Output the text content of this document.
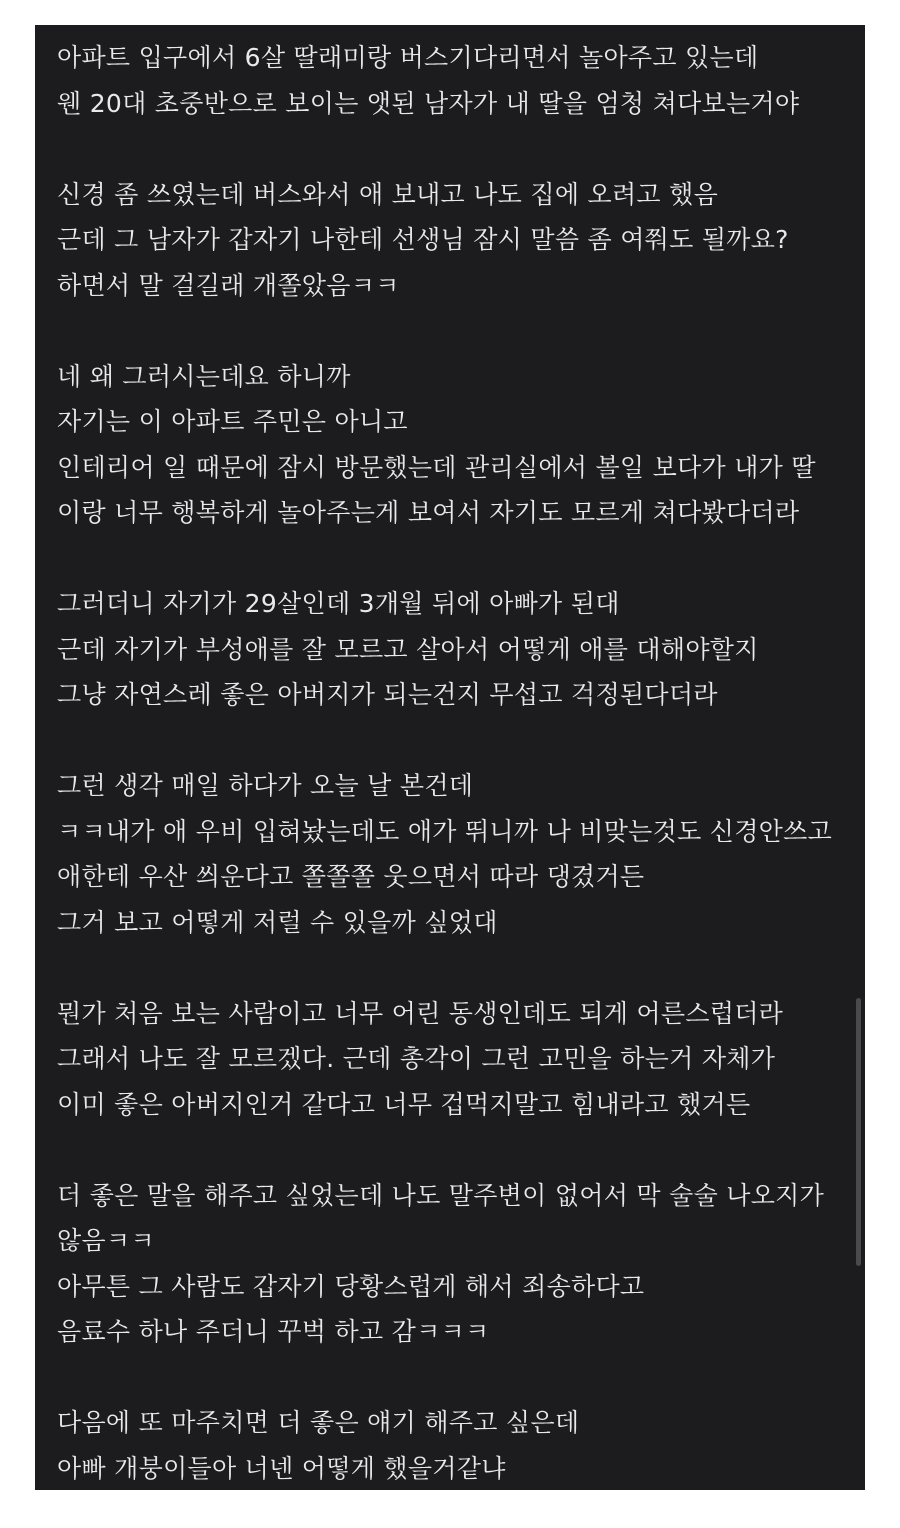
아파트 입구에서 6살 딸래미랑 버스기다리면서 놀아주고 있는데
웬 20대 초중반으로 보이는 앳된 남자가 내 딸을 엄청 쳐다보는거야
신경 좀 쓰였는데 버스와서 애 보내고 나도 집에 오려고 했음
근데 그 남자가 갑자기 나한테 선생님 잠시 말씀 좀 여쭤도 될까요?
하면서 말 걸길래 개쫄았음ㅋㅋ
네 왜 그러시는데요 하니까
자기는 이 아파트 주민은 아니고
인테리어 일 때문에 잠시 방문했는데 관리실에서 볼일 보다가 내가 딸
이랑 너무 행복하게 놀아주는게 보여서 자기도 모르게 쳐다봤다더라
그러더니 자기가 29살인데 3개월 뒤에 아빠가 된대
근데 자기가 부성애를 잘 모르고 살아서 어떻게 애를 대해야할지
그냥 자연스레 좋은 아버지가 되는건지 무섭고 걱정된다더라
그런 생각 매일 하다가 오늘 날 본건데
ㅋㅋ내가 애 우비 입혀놨는데도 애가 뛰니까 나 비맞는것도 신경안쓰고
애한테 우산 씌운다고 쫄쫄쫄 웃으면서 따라 댕겼거든
그거 보고 어떻게 저럴 수 있을까 싶었대
뭔가 처음 보는 사람이고 너무 어린 동생인데도 되게 어른스럽더라
그래서 나도 잘 모르겠다. 근데 총각이 그런 고민을 하는거 자체가
이미 좋은 아버지인거 같다고 너무 겁먹지말고 힘내라고 했거든
더 좋은 말을 해주고 싶었는데 나도 말주변이 없어서 막 술술 나오지가
않음ㅋㅋ
아무튼 그 사람도 갑자기 당황스럽게 해서 죄송하다고
음료수 하나 주더니 꾸벅 하고 감ㅋㅋㅋ
다음에 또 마주치면 더 좋은 얘기 해주고 싶은데
아빠 개붕이들아 너넨 어떻게 했을거같냐
